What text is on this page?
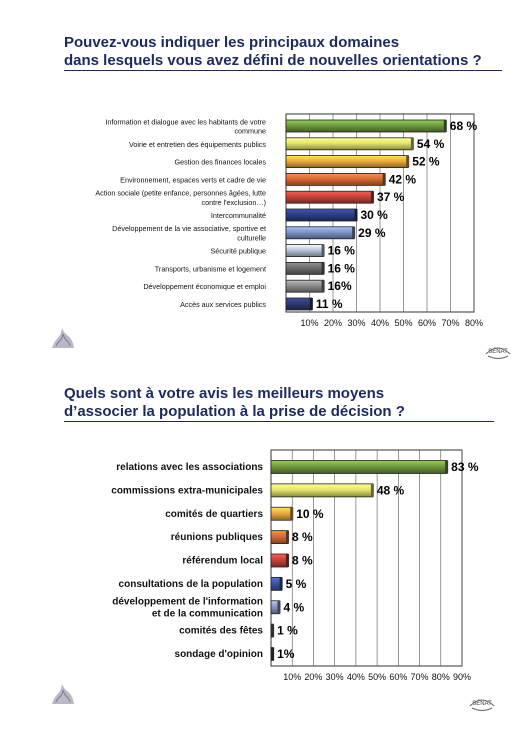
Pouvez-vous indiquer les principaux domaines
dans lesquels vous avez défini de nouvelles orientations ?
10% 20% 30% 40% 50% 60% 70% 80%
68 %
Information et dialogue avec les habitants de votre
commune
54 %
Voirie et entretien des équipements publics
52 %
Gestion des finances locales
42 %
Environnement, espaces verts et cadre de vie
37 %
Action sociale (petite enfance, personnes âgées, lutte
contre l'exclusion…)
30 %
Intercommunalité
29 %
Développement de la vie associative, sportive et
culturelle
16 %
Sécurité publique
16 %
Transports, urbanisme et logement
16%
Développement économique et emploi
11 %
Accès aux services publics
Quels sont à votre avis les meilleurs moyens
d’associer la population à la prise de décision ?
10% 20% 30% 40% 50% 60% 70% 80% 90%
83 %
relations avec les associations
48 %
commissions extra-municipales
10 %
comités de quartiers
8 %
réunions publiques
8 %
référendum local
5 %
consultations de la population
4 %
développement de l'information
et de la communication
1 %
comités des fêtes
1%
sondage d'opinion
SÉNAT
SÉNAT
